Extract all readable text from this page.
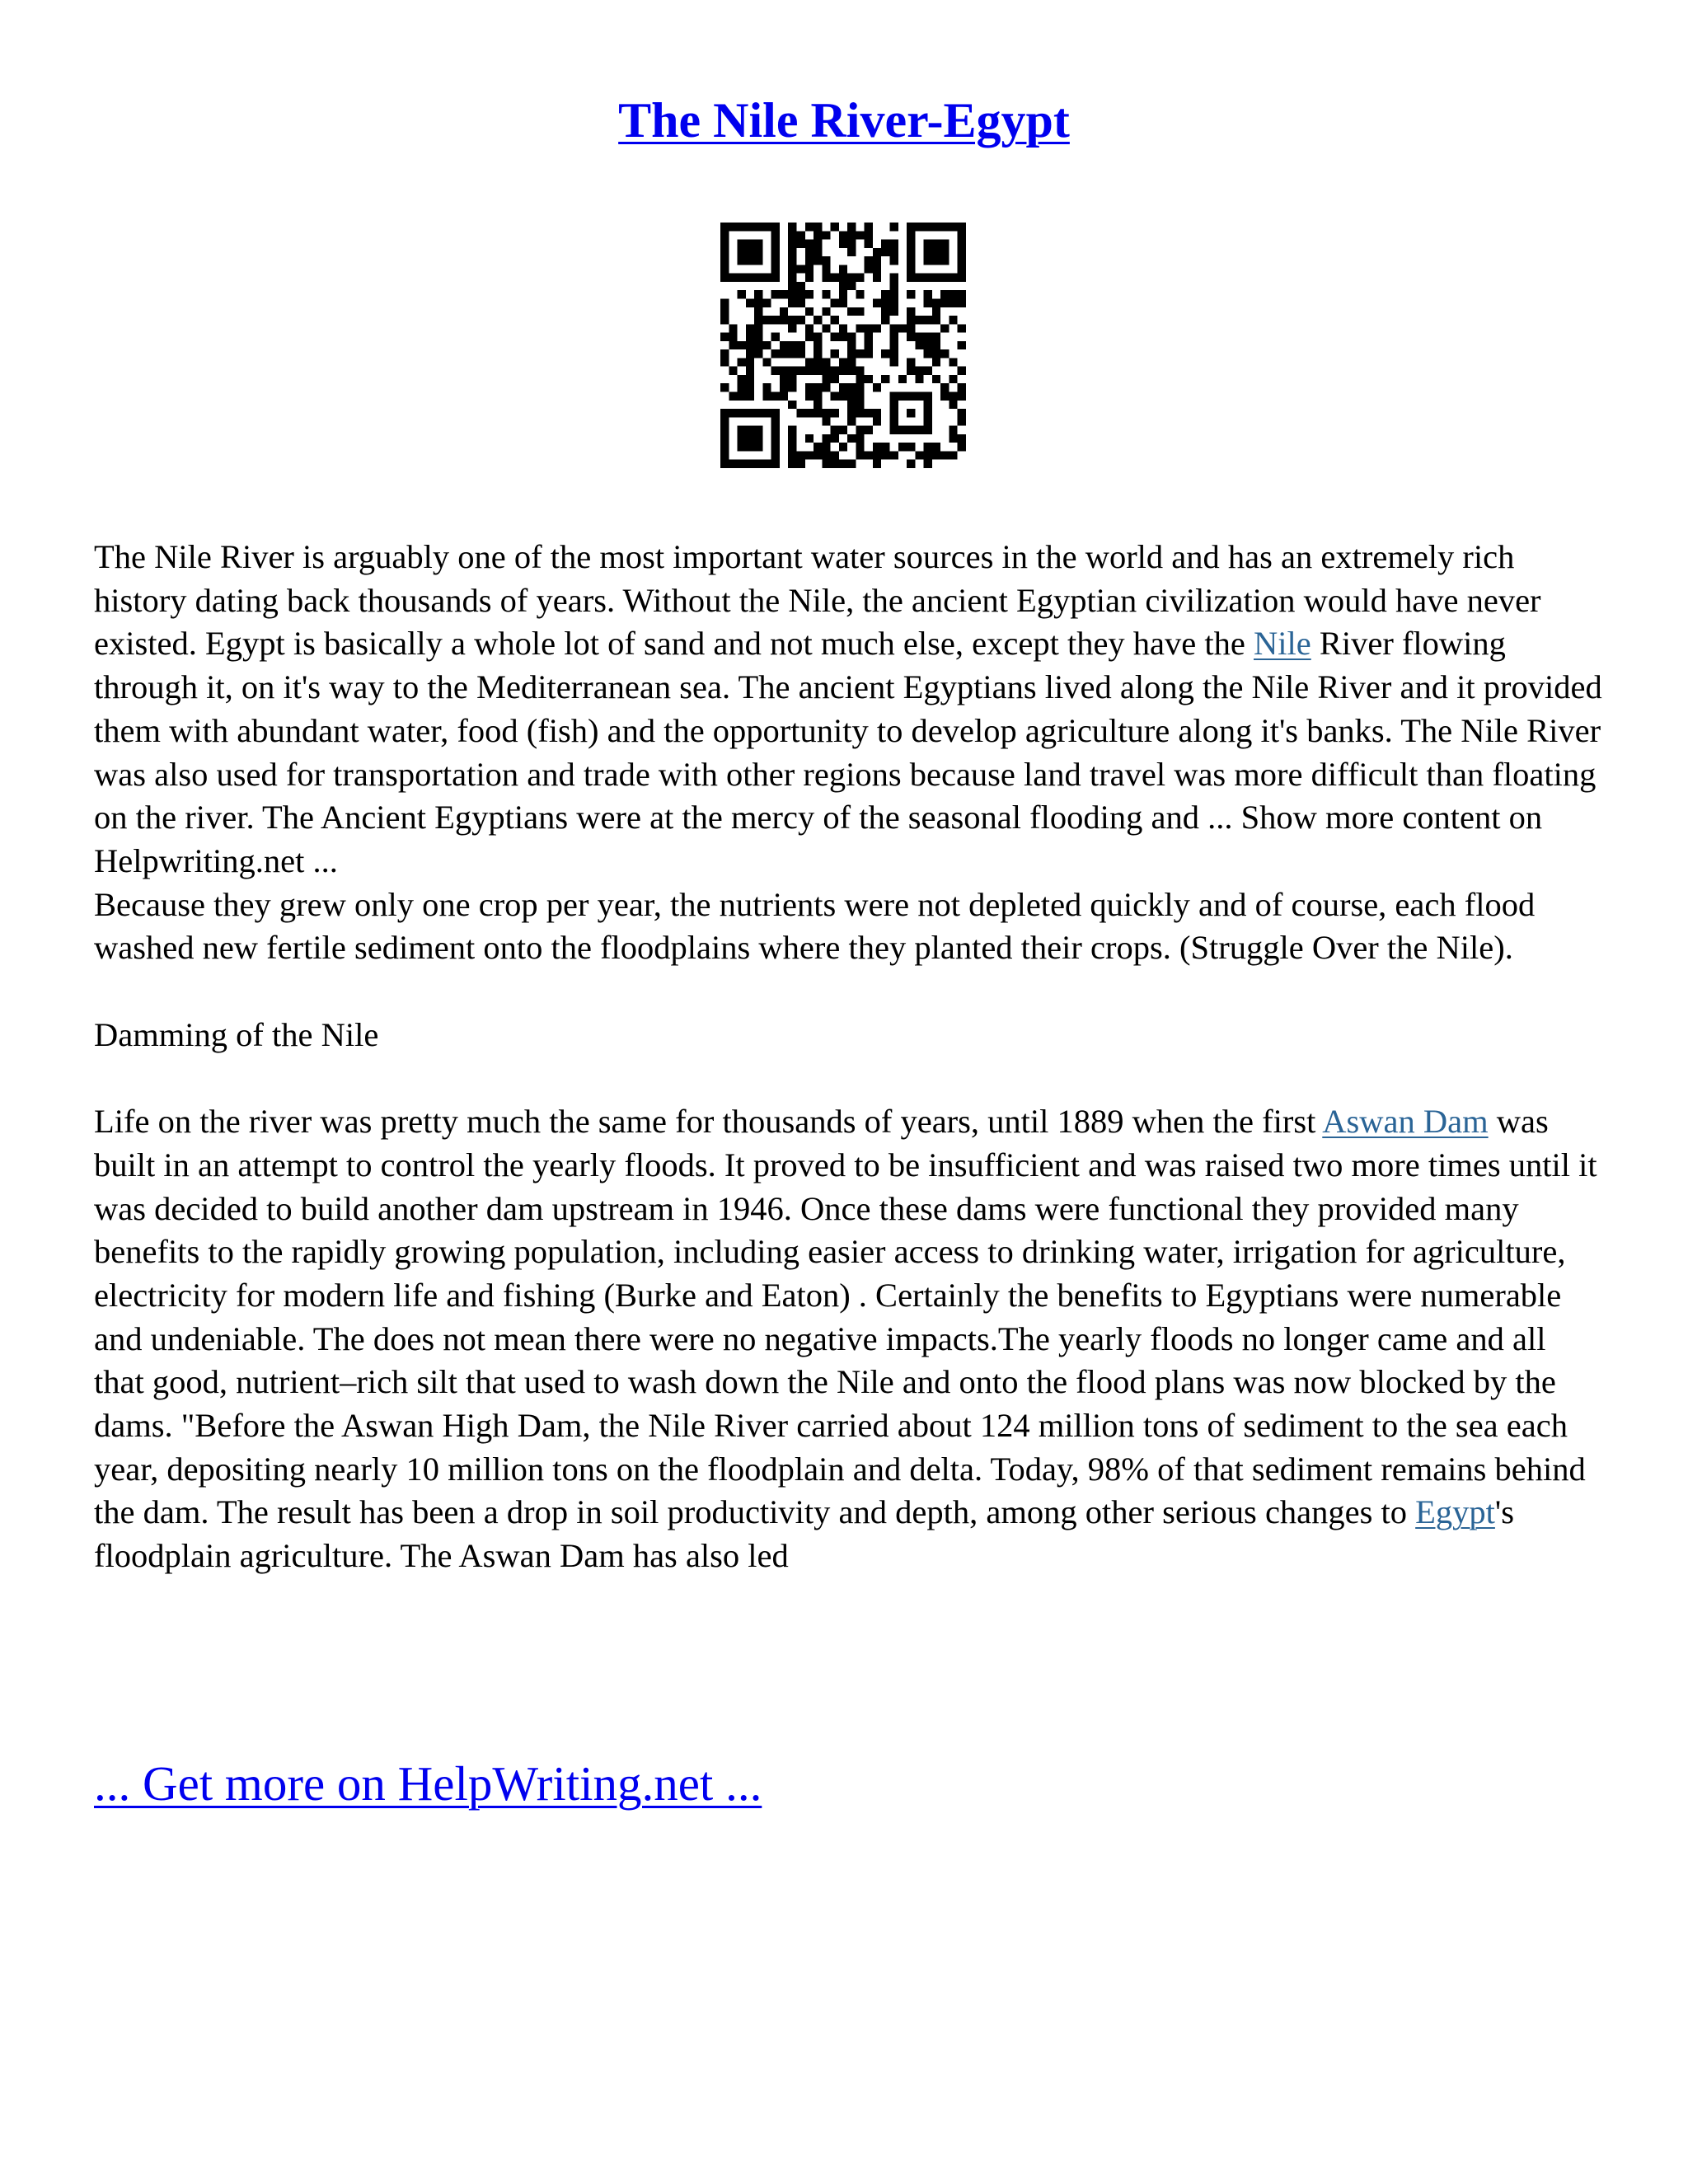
The Nile River-Egypt

The Nile River is arguably one of the most important water sources in the world and has an extremely rich history dating back thousands of years. Without the Nile, the ancient Egyptian civilization would have never existed. Egypt is basically a whole lot of sand and not much else, except they have the Nile River flowing through it, on it's way to the Mediterranean sea. The ancient Egyptians lived along the Nile River and it provided them with abundant water, food (fish) and the opportunity to develop agriculture along it's banks. The Nile River was also used for transportation and trade with other regions because land travel was more difficult than floating on the river. The Ancient Egyptians were at the mercy of the seasonal flooding and ... Show more content on Helpwriting.net ...

Because they grew only one crop per year, the nutrients were not depleted quickly and of course, each flood washed new fertile sediment onto the floodplains where they planted their crops. (Struggle Over the Nile).

Damming of the Nile

Life on the river was pretty much the same for thousands of years, until 1889 when the first Aswan Dam was built in an attempt to control the yearly floods. It proved to be insufficient and was raised two more times until it was decided to build another dam upstream in 1946. Once these dams were functional they provided many benefits to the rapidly growing population, including easier access to drinking water, irrigation for agriculture, electricity for modern life and fishing (Burke and Eaton) . Certainly the benefits to Egyptians were numerable and undeniable. The does not mean there were no negative impacts.The yearly floods no longer came and all that good, nutrient–rich silt that used to wash down the Nile and onto the flood plans was now blocked by the dams. "Before the Aswan High Dam, the Nile River carried about 124 million tons of sediment to the sea each year, depositing nearly 10 million tons on the floodplain and delta. Today, 98% of that sediment remains behind the dam. The result has been a drop in soil productivity and depth, among other serious changes to Egypt's floodplain agriculture. The Aswan Dam has also led

... Get more on HelpWriting.net ...
